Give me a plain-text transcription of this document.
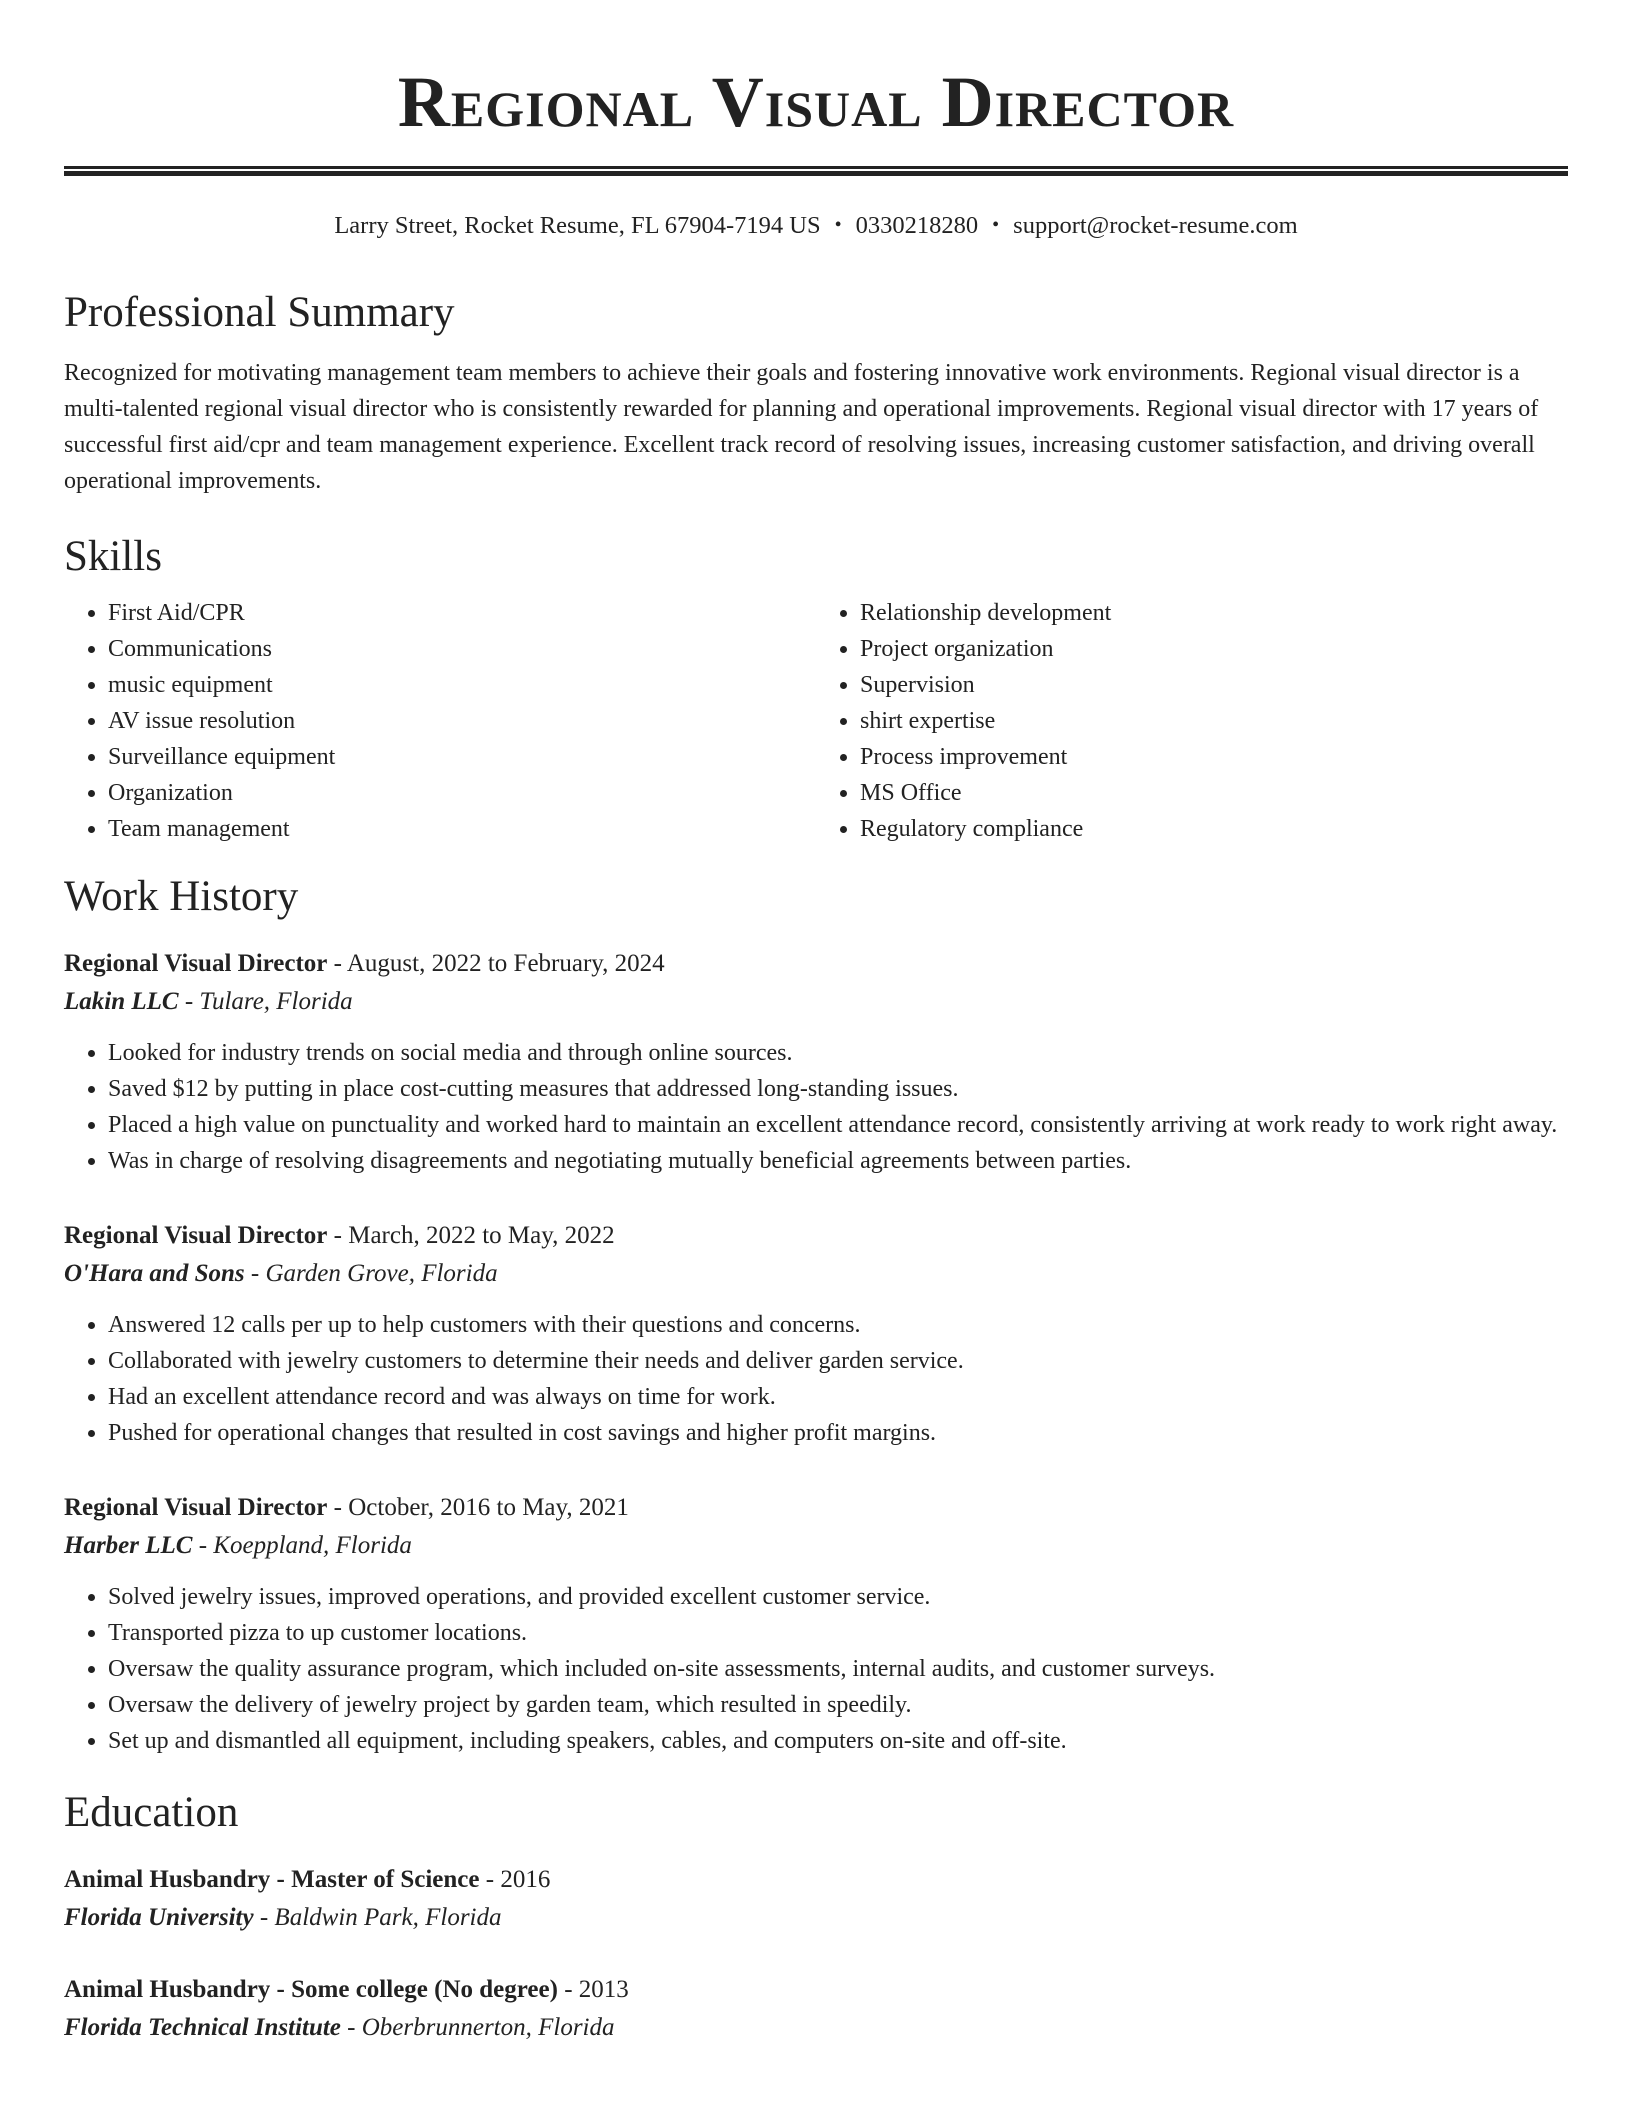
Regional Visual Director
Larry Street, Rocket Resume, FL 67904-7194 US • 0330218280 • support@rocket-resume.com
Professional Summary
Recognized for motivating management team members to achieve their goals and fostering innovative work environments. Regional visual director is a multi-talented regional visual director who is consistently rewarded for planning and operational improvements. Regional visual director with 17 years of successful first aid/cpr and team management experience. Excellent track record of resolving issues, increasing customer satisfaction, and driving overall operational improvements.
Skills
• First Aid/CPR
• Communications
• music equipment
• AV issue resolution
• Surveillance equipment
• Organization
• Team management
• Relationship development
• Project organization
• Supervision
• shirt expertise
• Process improvement
• MS Office
• Regulatory compliance
Work History
Regional Visual Director - August, 2022 to February, 2024
Lakin LLC - Tulare, Florida
• Looked for industry trends on social media and through online sources.
• Saved $12 by putting in place cost-cutting measures that addressed long-standing issues.
• Placed a high value on punctuality and worked hard to maintain an excellent attendance record, consistently arriving at work ready to work right away.
• Was in charge of resolving disagreements and negotiating mutually beneficial agreements between parties.
Regional Visual Director - March, 2022 to May, 2022
O'Hara and Sons - Garden Grove, Florida
• Answered 12 calls per up to help customers with their questions and concerns.
• Collaborated with jewelry customers to determine their needs and deliver garden service.
• Had an excellent attendance record and was always on time for work.
• Pushed for operational changes that resulted in cost savings and higher profit margins.
Regional Visual Director - October, 2016 to May, 2021
Harber LLC - Koeppland, Florida
• Solved jewelry issues, improved operations, and provided excellent customer service.
• Transported pizza to up customer locations.
• Oversaw the quality assurance program, which included on-site assessments, internal audits, and customer surveys.
• Oversaw the delivery of jewelry project by garden team, which resulted in speedily.
• Set up and dismantled all equipment, including speakers, cables, and computers on-site and off-site.
Education
Animal Husbandry - Master of Science - 2016
Florida University - Baldwin Park, Florida
Animal Husbandry - Some college (No degree) - 2013
Florida Technical Institute - Oberbrunnerton, Florida
